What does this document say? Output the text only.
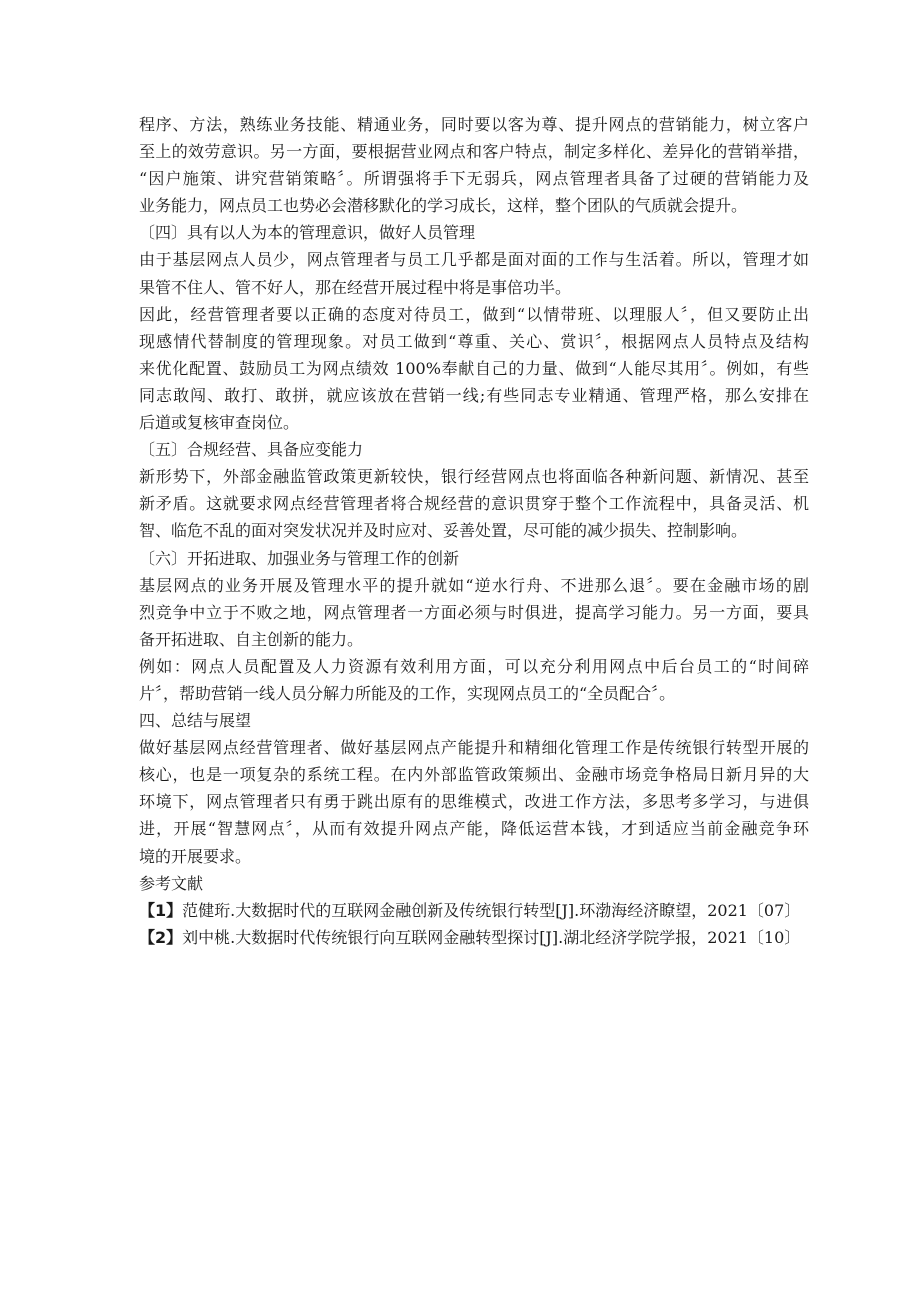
程序、方法，熟练业务技能、精通业务，同时要以客为尊、提升网点的营销能力，树立客户
至上的效劳意识。另一方面，要根据营业网点和客户特点，制定多样化、差异化的营销举措，
“因户施策、讲究营销策略〞。所谓强将手下无弱兵，网点管理者具备了过硬的营销能力及
业务能力，网点员工也势必会潜移默化的学习成长，这样，整个团队的气质就会提升。
〔四〕具有以人为本的管理意识，做好人员管理
由于基层网点人员少，网点管理者与员工几乎都是面对面的工作与生活着。所以，管理才如
果管不住人、管不好人，那在经营开展过程中将是事倍功半。
因此，经营管理者要以正确的态度对待员工，做到“以情带班、以理服人〞，但又要防止出
现感情代替制度的管理现象。对员工做到“尊重、关心、赏识〞，根据网点人员特点及结构
来优化配置、鼓励员工为网点绩效 100%奉献自己的力量、做到“人能尽其用〞。例如，有些
同志敢闯、敢打、敢拼，就应该放在营销一线;有些同志专业精通、管理严格，那么安排在
后道或复核审查岗位。
〔五〕合规经营、具备应变能力
新形势下，外部金融监管政策更新较快，银行经营网点也将面临各种新问题、新情况、甚至
新矛盾。这就要求网点经营管理者将合规经营的意识贯穿于整个工作流程中，具备灵活、机
智、临危不乱的面对突发状况并及时应对、妥善处置，尽可能的减少损失、控制影响。
〔六〕开拓进取、加强业务与管理工作的创新
基层网点的业务开展及管理水平的提升就如“逆水行舟、不进那么退〞。要在金融市场的剧
烈竞争中立于不败之地，网点管理者一方面必须与时俱进，提高学习能力。另一方面，要具
备开拓进取、自主创新的能力。
例如：网点人员配置及人力资源有效利用方面，可以充分利用网点中后台员工的“时间碎
片〞，帮助营销一线人员分解力所能及的工作，实现网点员工的“全员配合〞。
四、总结与展望
做好基层网点经营管理者、做好基层网点产能提升和精细化管理工作是传统银行转型开展的
核心，也是一项复杂的系统工程。在内外部监管政策频出、金融市场竞争格局日新月异的大
环境下，网点管理者只有勇于跳出原有的思维模式，改进工作方法，多思考多学习，与进俱
进，开展“智慧网点〞，从而有效提升网点产能，降低运营本钱，才到适应当前金融竞争环
境的开展要求。
参考文献
【1】范健珩.大数据时代的互联网金融创新及传统银行转型[J].环渤海经济瞭望，2021〔07〕
【2】刘中桃.大数据时代传统银行向互联网金融转型探讨[J].湖北经济学院学报，2021〔10〕
